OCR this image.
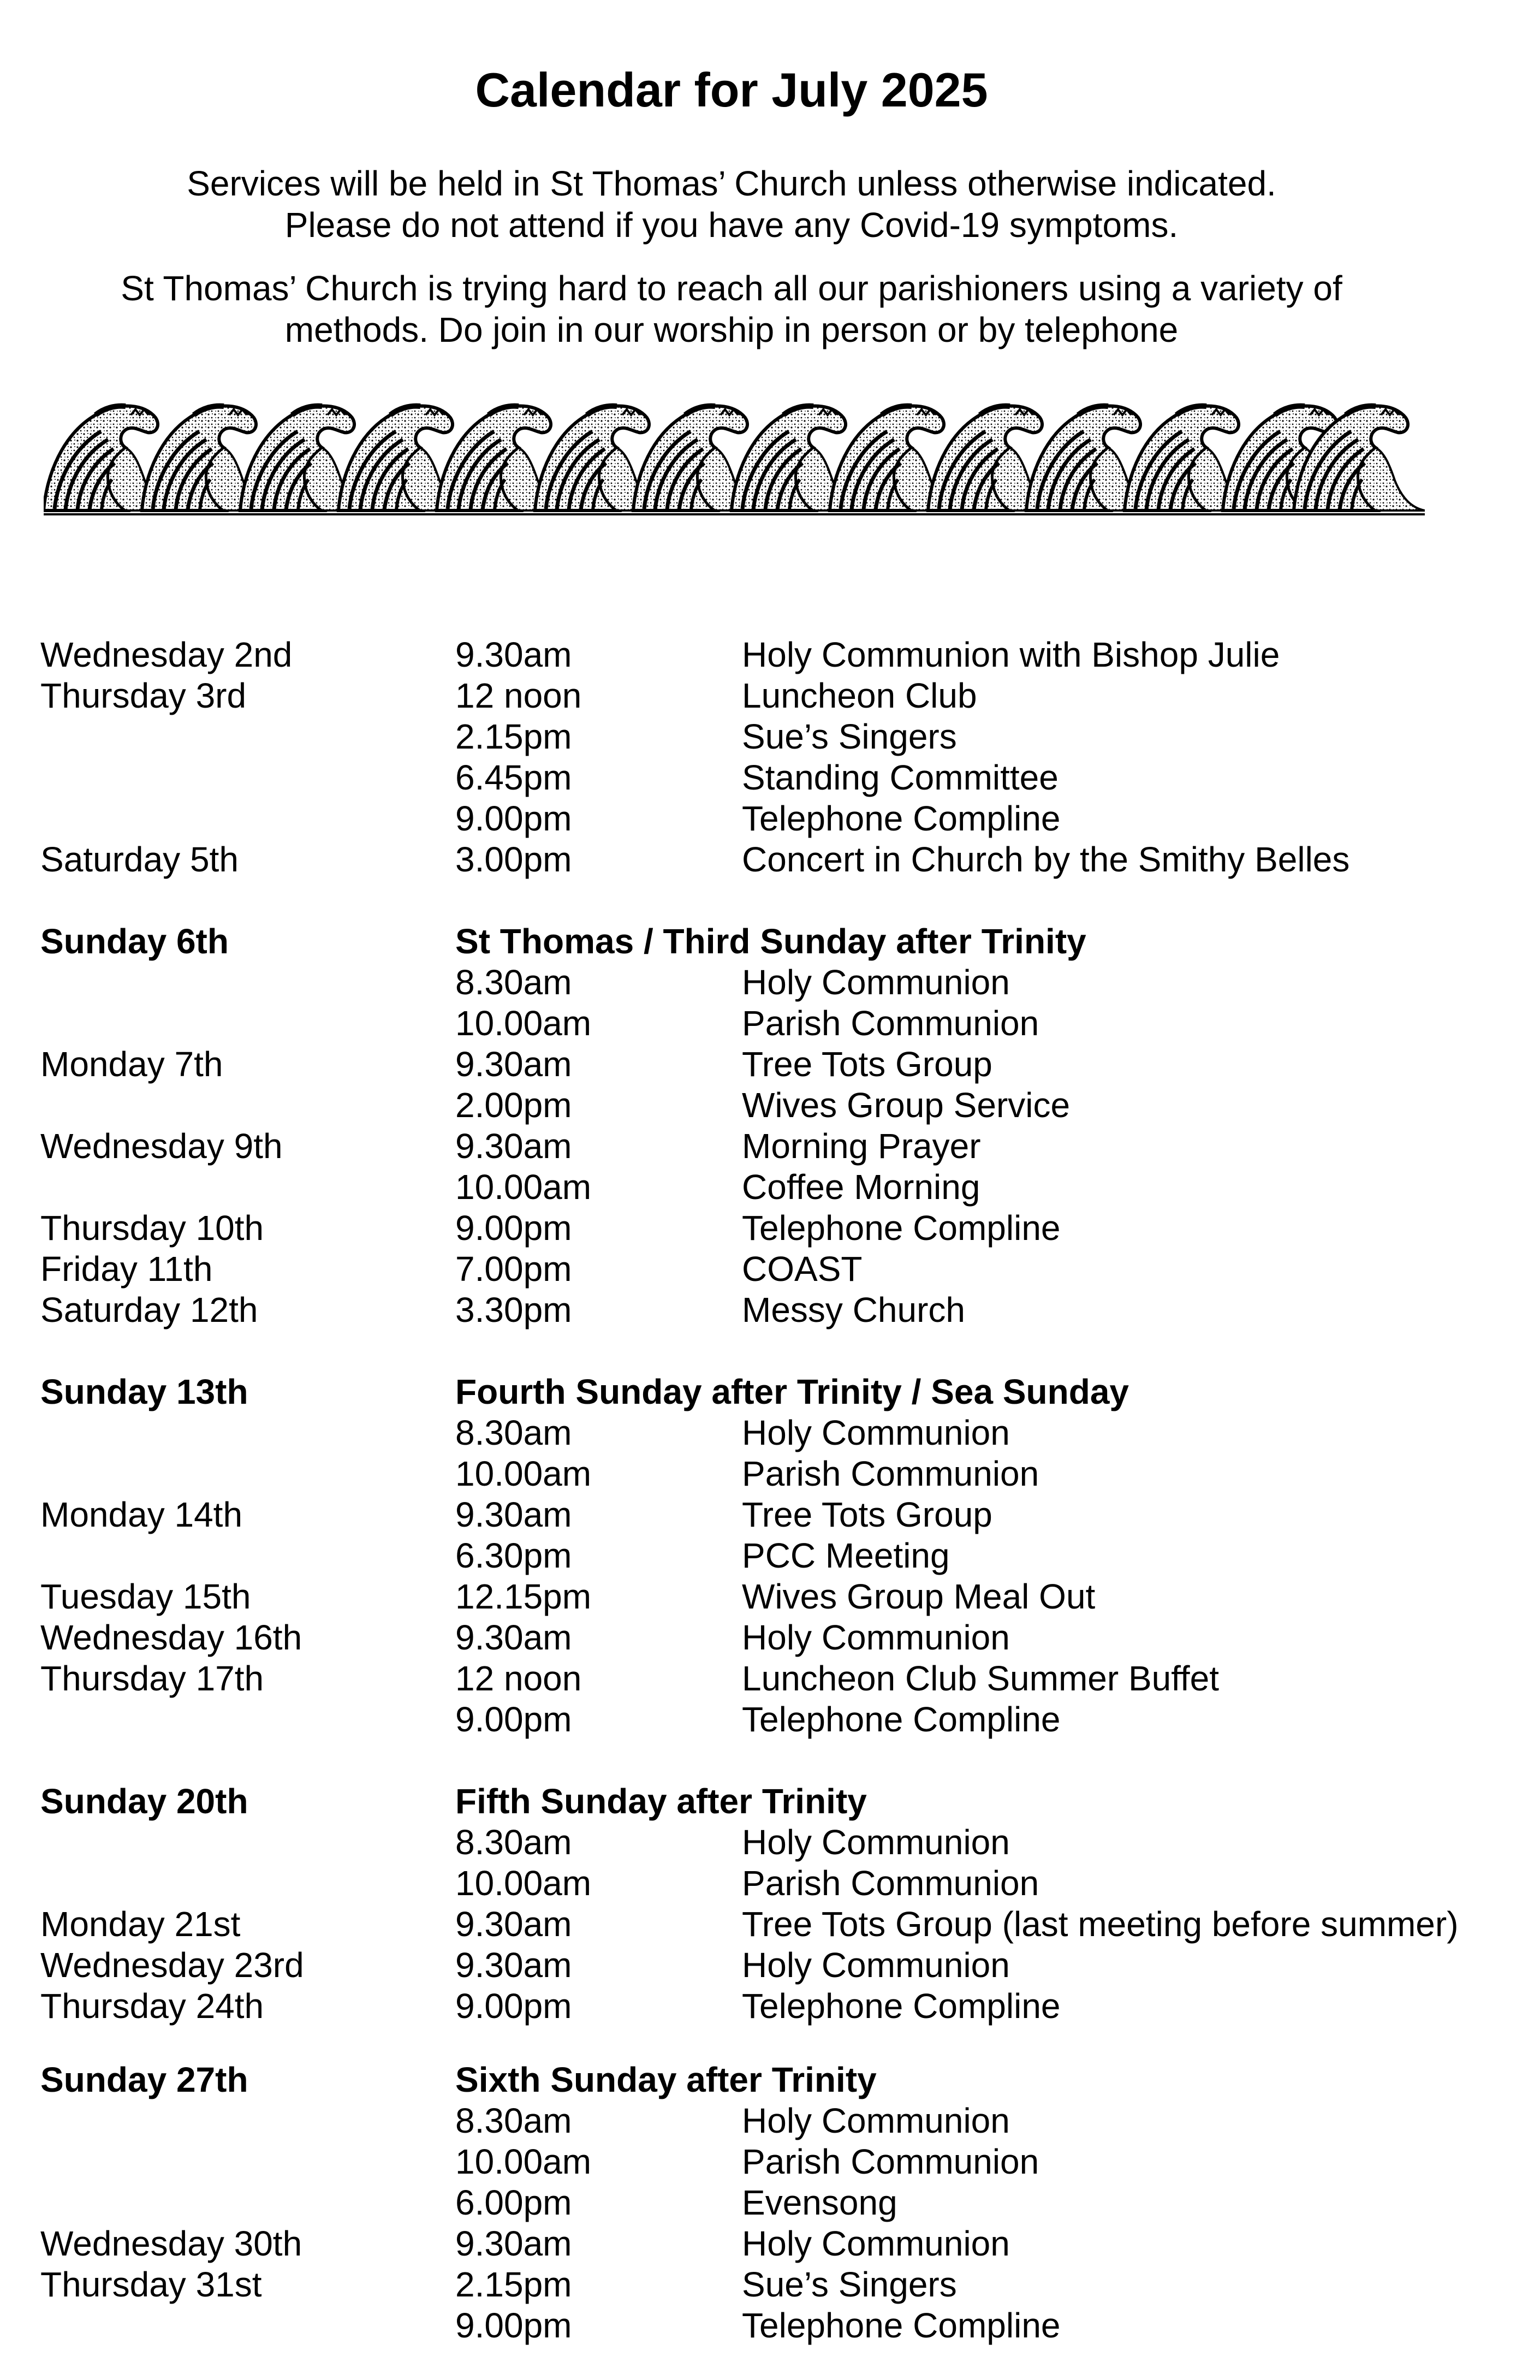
Calendar for July 2025

Services will be held in St Thomas’ Church unless otherwise indicated.
Please do not attend if you have any Covid-19 symptoms.

St Thomas’ Church is trying hard to reach all our parishioners using a variety of
methods. Do join in our worship in person or by telephone

Wednesday 2nd	9.30am	Holy Communion with Bishop Julie
Thursday 3rd	12 noon	Luncheon Club
2.15pm	Sue’s Singers
6.45pm	Standing Committee
9.00pm	Telephone Compline
Saturday 5th	3.00pm	Concert in Church by the Smithy Belles
Sunday 6th	St Thomas / Third Sunday after Trinity
8.30am	Holy Communion
10.00am	Parish Communion
Monday 7th	9.30am	Tree Tots Group
2.00pm	Wives Group Service
Wednesday 9th	9.30am	Morning Prayer
10.00am	Coffee Morning
Thursday 10th	9.00pm	Telephone Compline
Friday 11th	7.00pm	COAST
Saturday 12th	3.30pm	Messy Church
Sunday 13th	Fourth Sunday after Trinity / Sea Sunday
8.30am	Holy Communion
10.00am	Parish Communion
Monday 14th	9.30am	Tree Tots Group
6.30pm	PCC Meeting
Tuesday 15th	12.15pm	Wives Group Meal Out
Wednesday 16th	9.30am	Holy Communion
Thursday 17th	12 noon	Luncheon Club Summer Buffet
9.00pm	Telephone Compline
Sunday 20th	Fifth Sunday after Trinity
8.30am	Holy Communion
10.00am	Parish Communion
Monday 21st	9.30am	Tree Tots Group (last meeting before summer)
Wednesday 23rd	9.30am	Holy Communion
Thursday 24th	9.00pm	Telephone Compline
Sunday 27th	Sixth Sunday after Trinity
8.30am	Holy Communion
10.00am	Parish Communion
6.00pm	Evensong
Wednesday 30th	9.30am	Holy Communion
Thursday 31st	2.15pm	Sue’s Singers
9.00pm	Telephone Compline
